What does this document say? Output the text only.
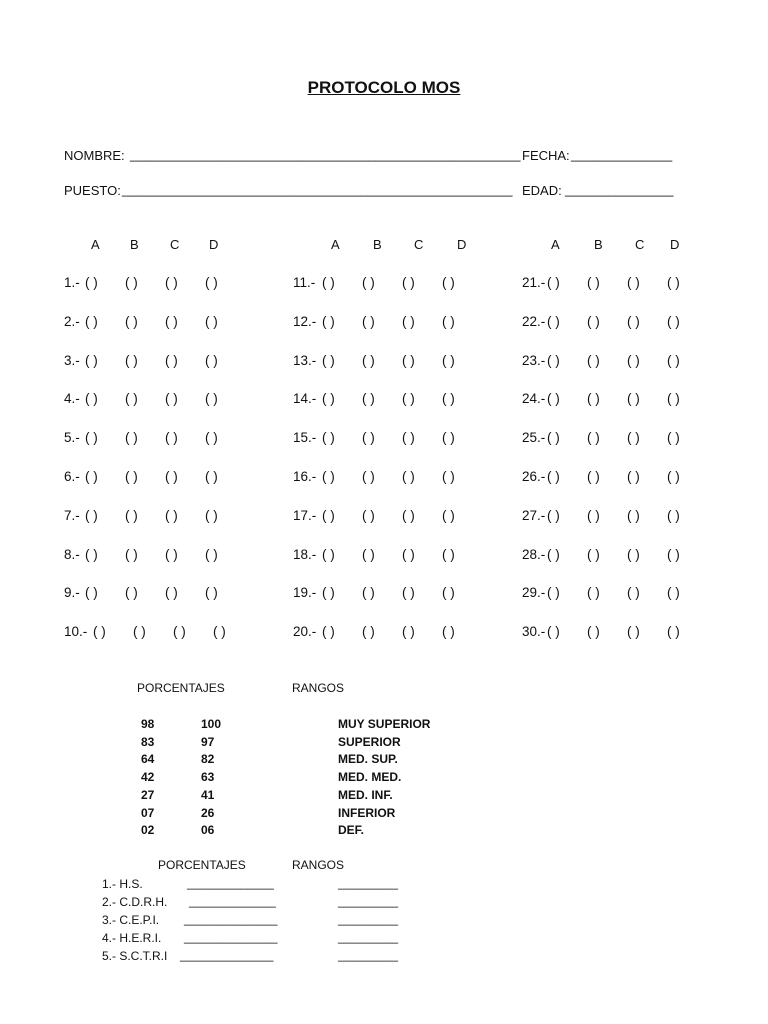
PROTOCOLO MOS
NOMBRE: ______________________________________________________ FECHA: ______________
PUESTO: ______________________________________________________ EDAD: _______________
A B C D	A	B C	D	A	B C D
1.- ( ) ( ) ( ) ( )
2.- ( ) ( ) ( ) ( )
3.- ( ) ( ) ( ) ( )
4.- ( ) ( ) ( ) ( )
5.- ( ) ( ) ( ) ( )
6.- ( ) ( ) ( ) ( )
7.- ( ) ( ) ( ) ( )
8.- ( ) ( ) ( ) ( )
9.- ( ) ( ) ( ) ( )
10.- ( ) ( ) ( ) ( )
11.- ( ) ( ) ( ) ( )
12.- ( ) ( ) ( ) ( )
13.- ( ) ( ) ( ) ( )
14.- ( ) ( ) ( ) ( )
15.- ( ) ( ) ( ) ( )
16.- ( ) ( ) ( ) ( )
17.- ( ) ( ) ( ) ( )
18.- ( ) ( ) ( ) ( )
19.- ( ) ( ) ( ) ( )
20.- ( ) ( ) ( ) ( )
21.- ( ) ( ) ( ) ( )
22.- ( ) ( ) ( ) ( )
23.- ( ) ( ) ( ) ( )
24.- ( ) ( ) ( ) ( )
25.- ( ) ( ) ( ) ( )
26.- ( ) ( ) ( ) ( )
27.- ( ) ( ) ( ) ( )
28.- ( ) ( ) ( ) ( )
29.- ( ) ( ) ( ) ( )
30.- ( ) ( ) ( ) ( )
PORCENTAJES	RANGOS
98	100	MUY SUPERIOR
83	97	SUPERIOR
64	82	MED. SUP.
42	63	MED. MED.
27	41	MED. INF.
07	26	INFERIOR
02	06	DEF.
PORCENTAJES	RANGOS
1.- H.S.	_____________	_________
2.- C.D.R.H. _____________	_________
3.- C.E.P.I. ______________	_________
4.- H.E.R.I. ______________	_________
5.- S.C.T.R.I ______________	_________
